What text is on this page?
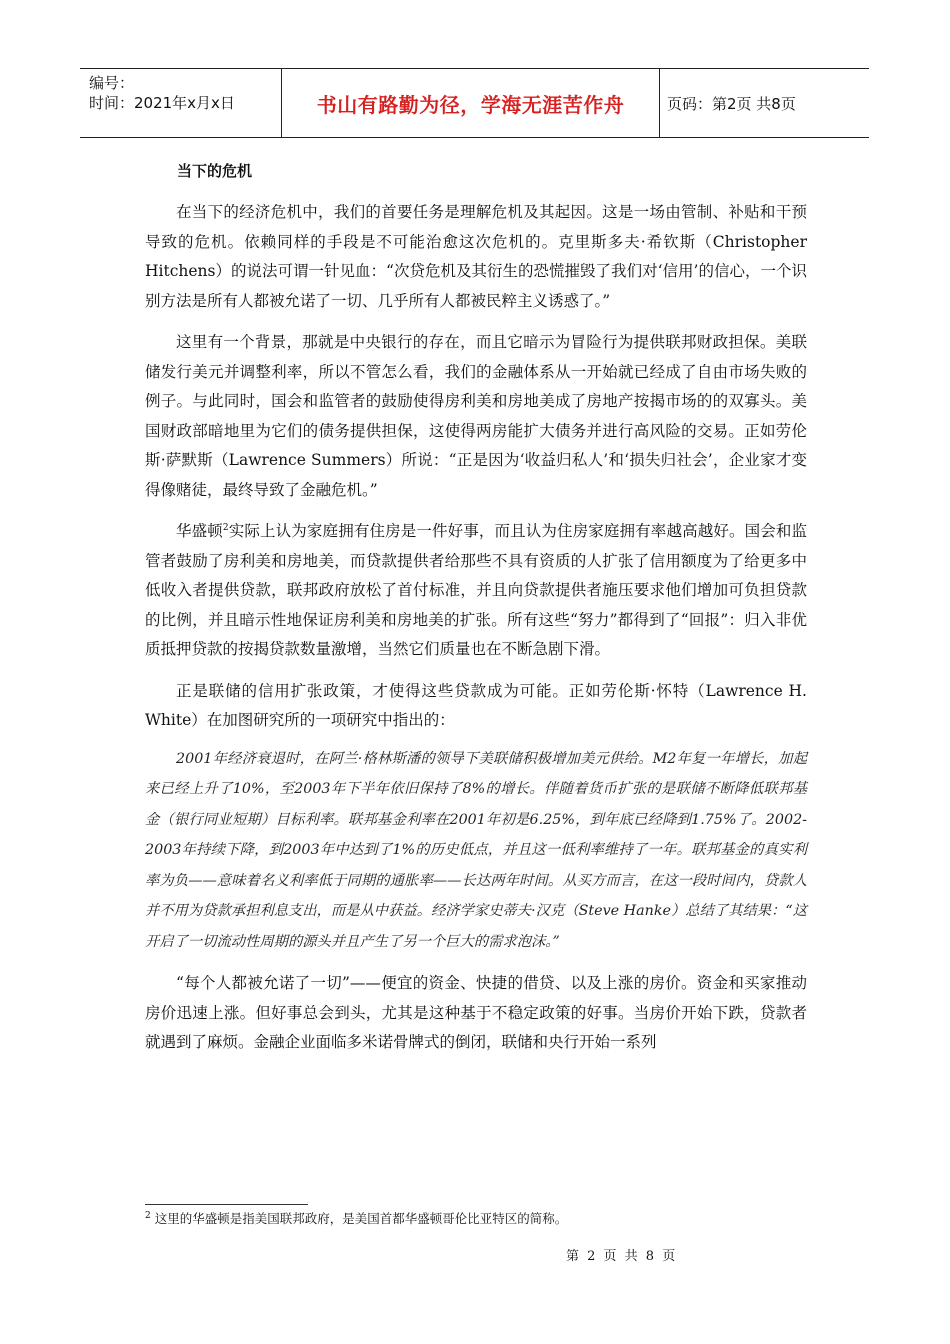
编号：
时间：2021年x月x日	书山有路勤为径，学海无涯苦作舟	页码：第2页 共8页
当下的危机

在当下的经济危机中，我们的首要任务是理解危机及其起因。这是一场由管制、补贴和干预导致的危机。依赖同样的手段是不可能治愈这次危机的。克里斯多夫·希钦斯（Christopher Hitchens）的说法可谓一针见血：“次贷危机及其衍生的恐慌摧毁了我们对‘信用’的信心，一个识别方法是所有人都被允诺了一切、几乎所有人都被民粹主义诱惑了。”

这里有一个背景，那就是中央银行的存在，而且它暗示为冒险行为提供联邦财政担保。美联储发行美元并调整利率，所以不管怎么看，我们的金融体系从一开始就已经成了自由市场失败的例子。与此同时，国会和监管者的鼓励使得房利美和房地美成了房地产按揭市场的的双寡头。美国财政部暗地里为它们的债务提供担保，这使得两房能扩大债务并进行高风险的交易。正如劳伦斯·萨默斯（Lawrence Summers）所说：“正是因为‘收益归私人’和‘损失归社会’，企业家才变得像赌徒，最终导致了金融危机。”

华盛顿$^2$实际上认为家庭拥有住房是一件好事，而且认为住房家庭拥有率越高越好。国会和监管者鼓励了房利美和房地美，而贷款提供者给那些不具有资质的人扩张了信用额度为了给更多中低收入者提供贷款，联邦政府放松了首付标准，并且向贷款提供者施压要求他们增加可负担贷款的比例，并且暗示性地保证房利美和房地美的扩张。所有这些“努力”都得到了“回报”：归入非优质抵押贷款的按揭贷款数量激增，当然它们质量也在不断急剧下滑。

正是联储的信用扩张政策，才使得这些贷款成为可能。正如劳伦斯·怀特（Lawrence H. White）在加图研究所的一项研究中指出的：

2001年经济衰退时，在阿兰·格林斯潘的领导下美联储积极增加美元供给。M2年复一年增长，加起来已经上升了10%，至2003年下半年依旧保持了8%的增长。伴随着货币扩张的是联储不断降低联邦基金（银行同业短期）目标利率。联邦基金利率在2001年初是6.25%，到年底已经降到1.75%了。2002-2003年持续下降，到2003年中达到了1%的历史低点，并且这一低利率维持了一年。联邦基金的真实利率为负——意味着名义利率低于同期的通胀率——长达两年时间。从买方而言，在这一段时间内，贷款人并不用为贷款承担利息支出，而是从中获益。经济学家史蒂夫·汉克（Steve Hanke）总结了其结果：“这开启了一切流动性周期的源头并且产生了另一个巨大的需求泡沫。”

“每个人都被允诺了一切”——便宜的资金、快捷的借贷、以及上涨的房价。资金和买家推动房价迅速上涨。但好事总会到头，尤其是这种基于不稳定政策的好事。当房价开始下跌，贷款者就遇到了麻烦。金融企业面临多米诺骨牌式的倒闭，联储和央行开始一系列

$^2$ 这里的华盛顿是指美国联邦政府，是美国首都华盛顿哥伦比亚特区的简称。
第 2 页 共 8 页
